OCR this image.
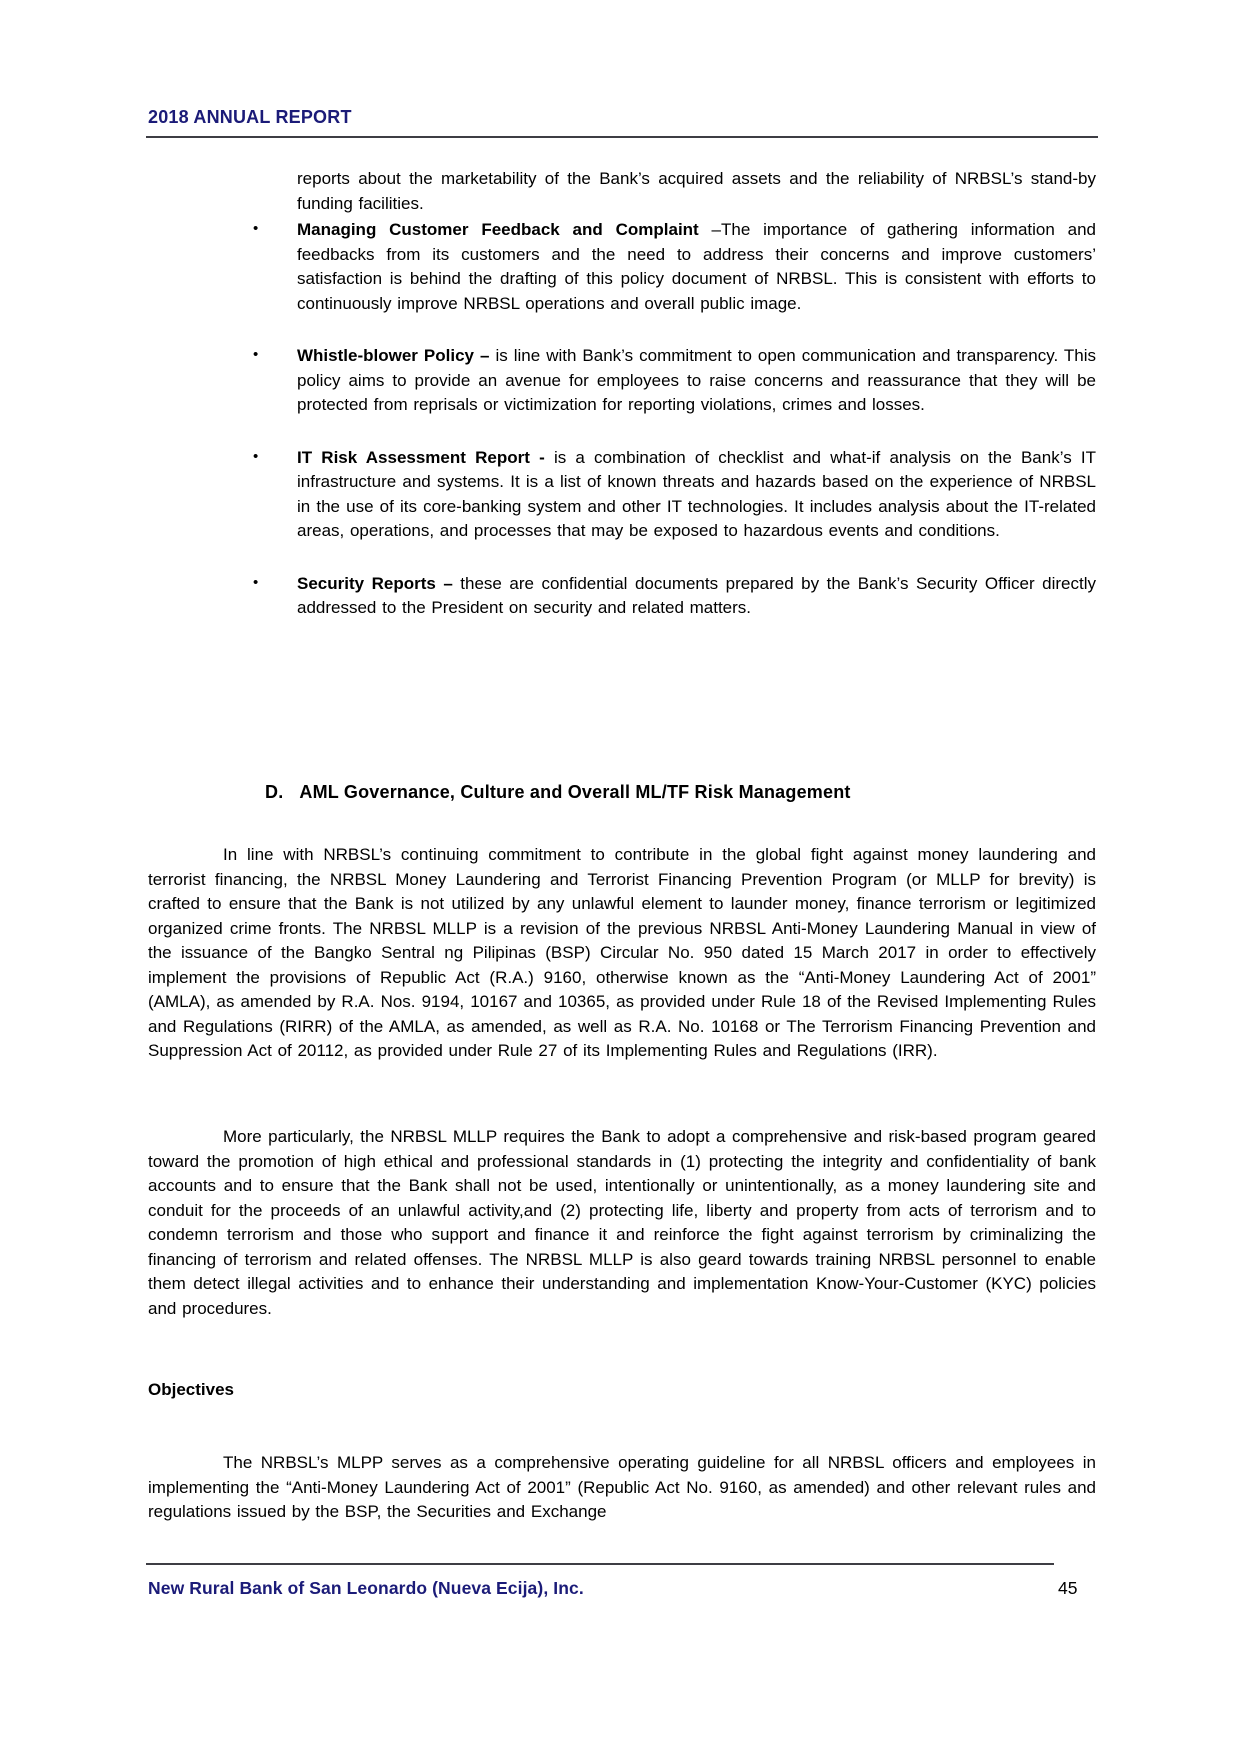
2018 ANNUAL REPORT

reports about the marketability of the Bank’s acquired assets and the reliability of NRBSL’s stand-by funding facilities.

• Managing Customer Feedback and Complaint –The importance of gathering information and feedbacks from its customers and the need to address their concerns and improve customers’ satisfaction is behind the drafting of this policy document of NRBSL. This is consistent with efforts to continuously improve NRBSL operations and overall public image.
• Whistle-blower Policy – is line with Bank’s commitment to open communication and transparency. This policy aims to provide an avenue for employees to raise concerns and reassurance that they will be protected from reprisals or victimization for reporting violations, crimes and losses.
• IT Risk Assessment Report - is a combination of checklist and what-if analysis on the Bank’s IT infrastructure and systems. It is a list of known threats and hazards based on the experience of NRBSL in the use of its core-banking system and other IT technologies. It includes analysis about the IT-related areas, operations, and processes that may be exposed to hazardous events and conditions.
• Security Reports – these are confidential documents prepared by the Bank’s Security Officer directly addressed to the President on security and related matters.
D. AML Governance, Culture and Overall ML/TF Risk Management

In line with NRBSL’s continuing commitment to contribute in the global fight against money laundering and terrorist financing, the NRBSL Money Laundering and Terrorist Financing Prevention Program (or MLLP for brevity) is crafted to ensure that the Bank is not utilized by any unlawful element to launder money, finance terrorism or legitimized organized crime fronts. The NRBSL MLLP is a revision of the previous NRBSL Anti-Money Laundering Manual in view of the issuance of the Bangko Sentral ng Pilipinas (BSP) Circular No. 950 dated 15 March 2017 in order to effectively implement the provisions of Republic Act (R.A.) 9160, otherwise known as the “Anti-Money Laundering Act of 2001” (AMLA), as amended by R.A. Nos. 9194, 10167 and 10365, as provided under Rule 18 of the Revised Implementing Rules and Regulations (RIRR) of the AMLA, as amended, as well as R.A. No. 10168 or The Terrorism Financing Prevention and Suppression Act of 20112, as provided under Rule 27 of its Implementing Rules and Regulations (IRR).

More particularly, the NRBSL MLLP requires the Bank to adopt a comprehensive and risk-based program geared toward the promotion of high ethical and professional standards in (1) protecting the integrity and confidentiality of bank accounts and to ensure that the Bank shall not be used, intentionally or unintentionally, as a money laundering site and conduit for the proceeds of an unlawful activity,and (2) protecting life, liberty and property from acts of terrorism and to condemn terrorism and those who support and finance it and reinforce the fight against terrorism by criminalizing the financing of terrorism and related offenses. The NRBSL MLLP is also geard towards training NRBSL personnel to enable them detect illegal activities and to enhance their understanding and implementation Know-Your-Customer (KYC) policies and procedures.

Objectives

The NRBSL’s MLPP serves as a comprehensive operating guideline for all NRBSL officers and employees in implementing the “Anti-Money Laundering Act of 2001” (Republic Act No. 9160, as amended) and other relevant rules and regulations issued by the BSP, the Securities and Exchange

New Rural Bank of San Leonardo (Nueva Ecija), Inc.	45
